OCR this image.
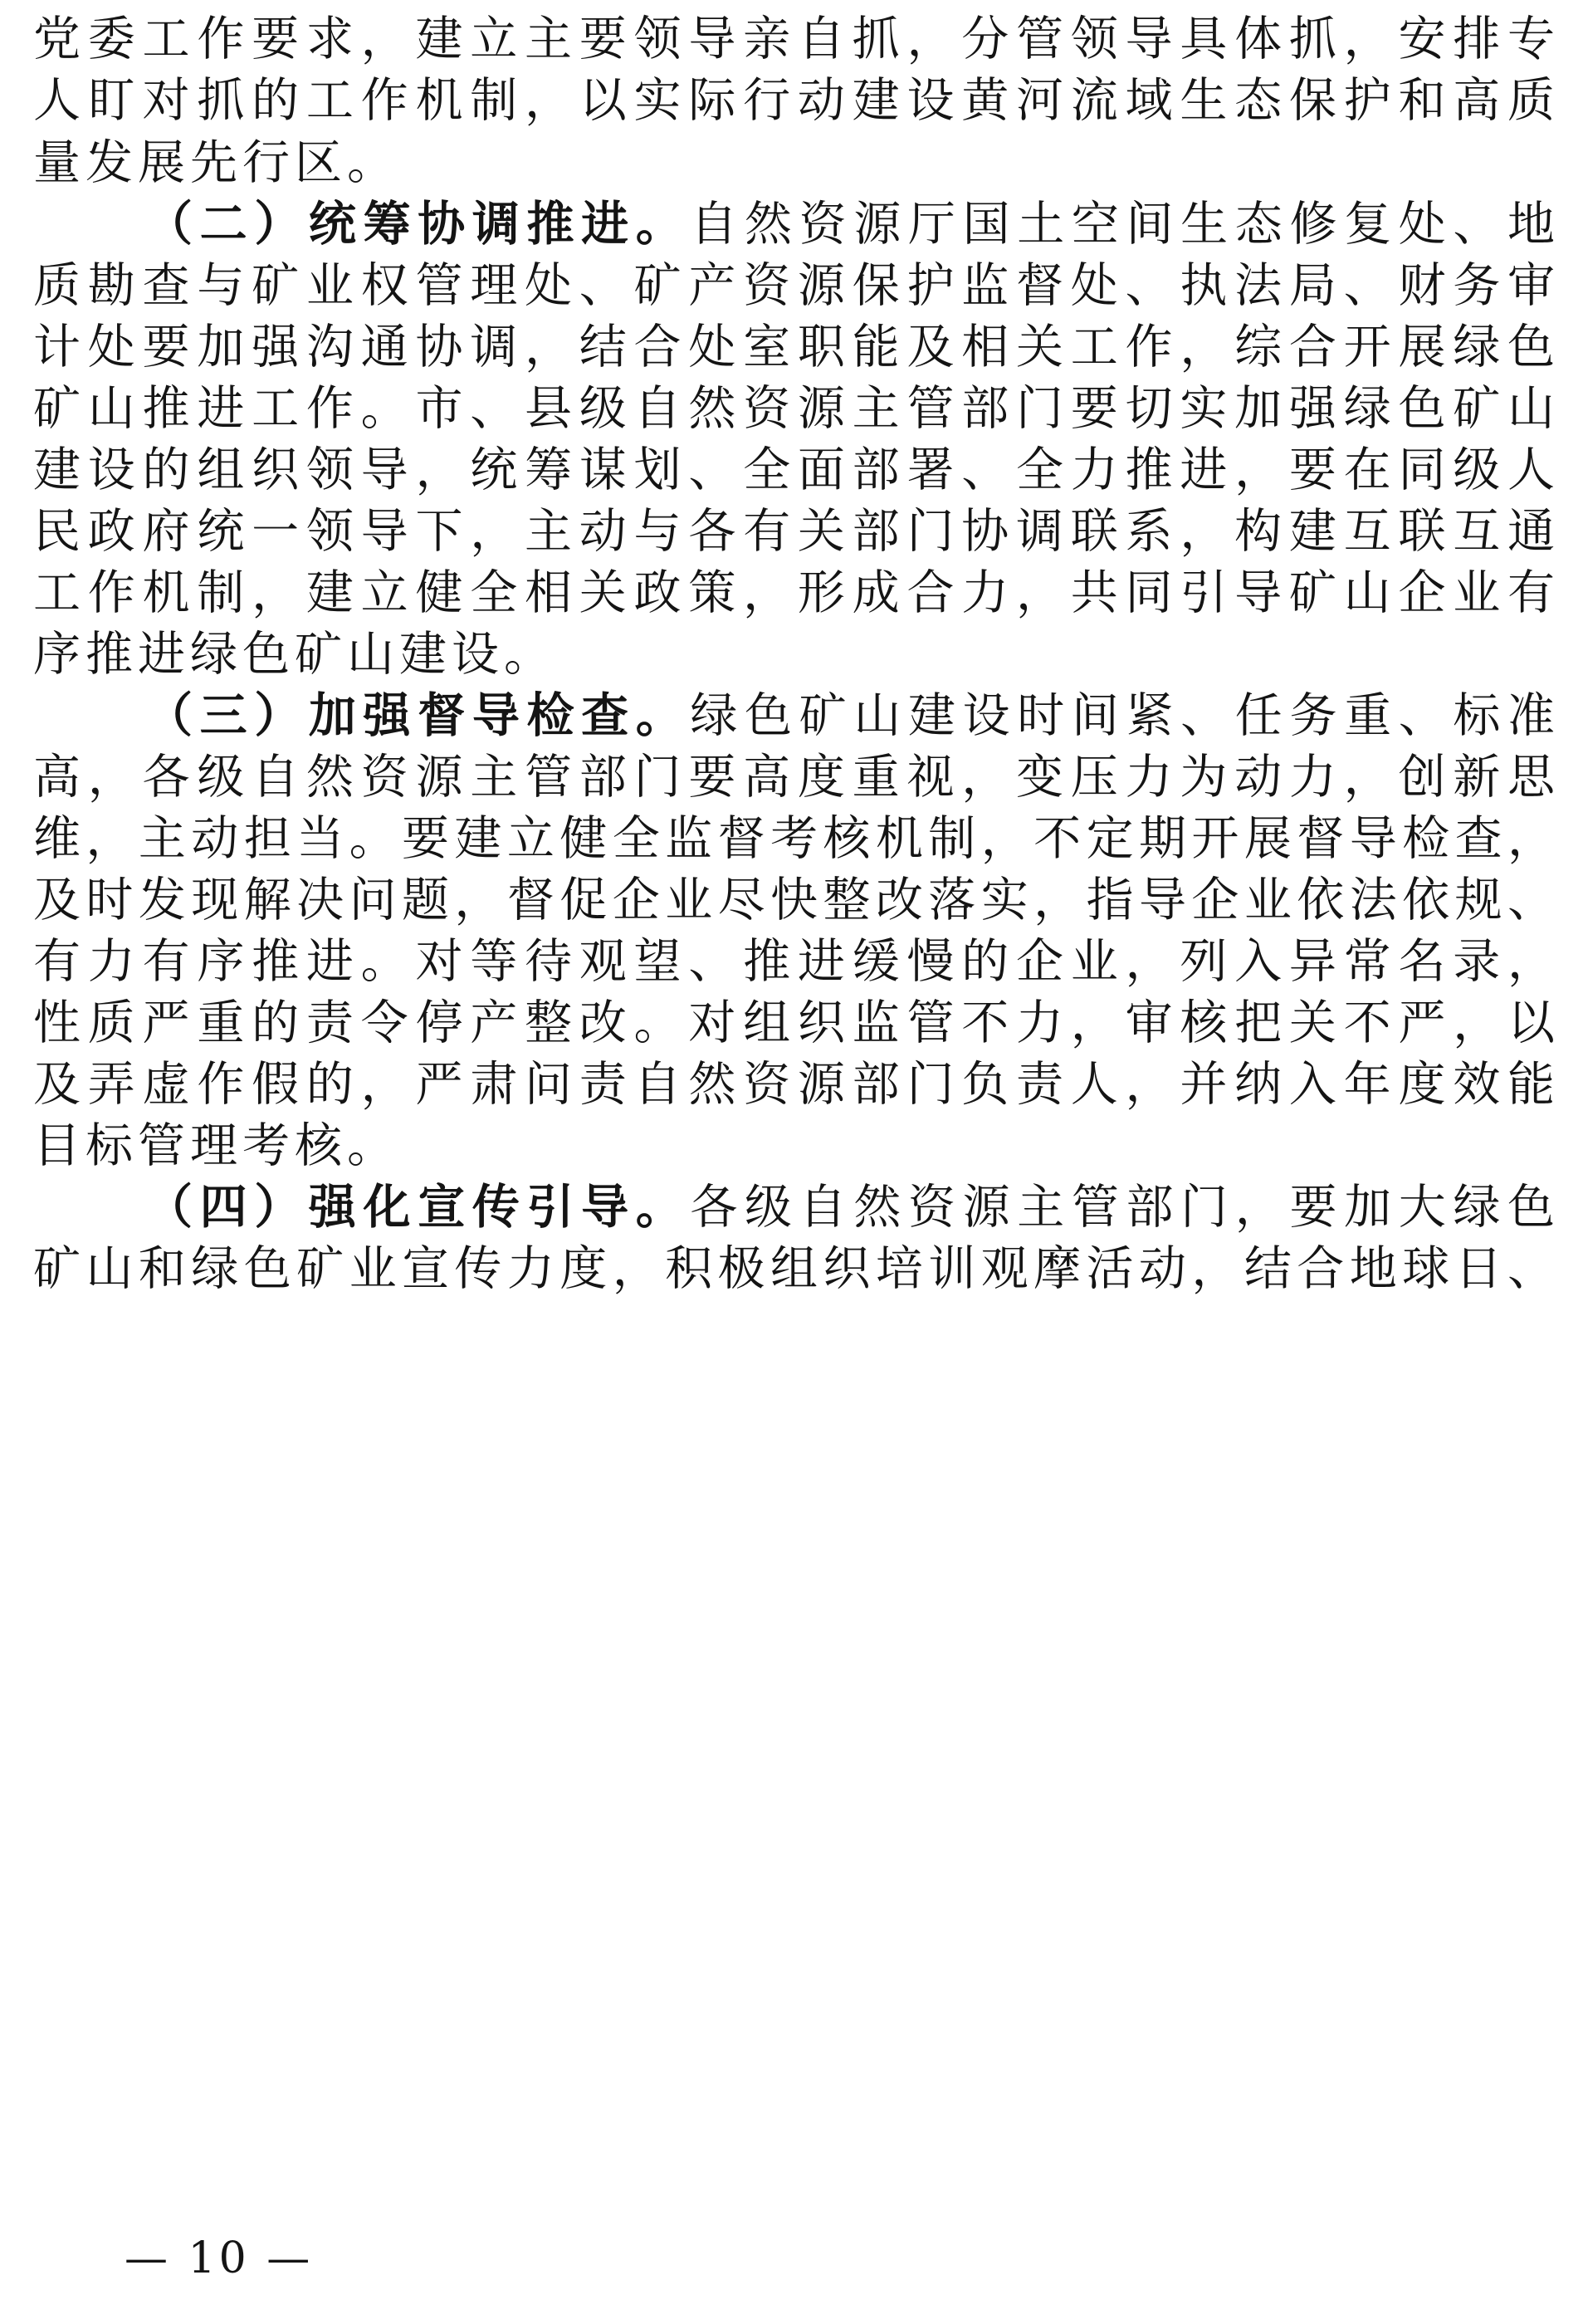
党委工作要求，建立主要领导亲自抓，分管领导具体抓，安排专
人盯对抓的工作机制，以实际行动建设黄河流域生态保护和高质
量发展先行区。
（二）统筹协调推进。自然资源厅国土空间生态修复处、地
质勘查与矿业权管理处、矿产资源保护监督处、执法局、财务审
计处要加强沟通协调，结合处室职能及相关工作，综合开展绿色
矿山推进工作。市、县级自然资源主管部门要切实加强绿色矿山
建设的组织领导，统筹谋划、全面部署、全力推进，要在同级人
民政府统一领导下，主动与各有关部门协调联系，构建互联互通
工作机制，建立健全相关政策，形成合力，共同引导矿山企业有
序推进绿色矿山建设。
（三）加强督导检查。绿色矿山建设时间紧、任务重、标准
高，各级自然资源主管部门要高度重视，变压力为动力，创新思
维，主动担当。要建立健全监督考核机制，不定期开展督导检查，
及时发现解决问题，督促企业尽快整改落实，指导企业依法依规、
有力有序推进。对等待观望、推进缓慢的企业，列入异常名录，
性质严重的责令停产整改。对组织监管不力，审核把关不严，以
及弄虚作假的，严肃问责自然资源部门负责人，并纳入年度效能
目标管理考核。
（四）强化宣传引导。各级自然资源主管部门，要加大绿色
矿山和绿色矿业宣传力度，积极组织培训观摩活动，结合地球日、
— 10 —
